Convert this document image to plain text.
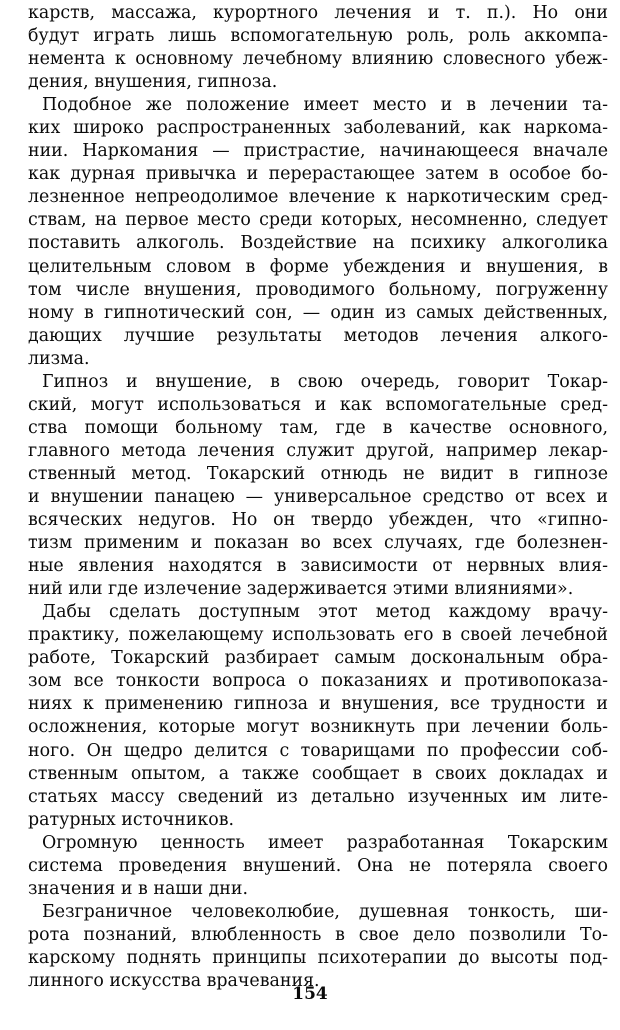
карств, массажа, курортного лечения и т. п.). Но они
будут играть лишь вспомогательную роль, роль аккомпа-
немента к основному лечебному влиянию словесного убеж-
дения, внушения, гипноза.
Подобное же положение имеет место и в лечении та-
ких широко распространенных заболеваний, как наркома-
нии. Наркомания — пристрастие, начинающееся вначале
как дурная привычка и перерастающее затем в особое бо-
лезненное непреодолимое влечение к наркотическим сред-
ствам, на первое место среди которых, несомненно, следует
поставить алкоголь. Воздействие на психику алкоголика
целительным словом в форме убеждения и внушения, в
том числе внушения, проводимого больному, погруженну
ному в гипнотический сон, — один из самых действенных,
дающих лучшие результаты методов лечения алкого-
лизма.
Гипноз и внушение, в свою очередь, говорит Токар-
ский, могут использоваться и как вспомогательные сред-
ства помощи больному там, где в качестве основного,
главного метода лечения служит другой, например лекар-
ственный метод. Токарский отнюдь не видит в гипнозе
и внушении панацею — универсальное средство от всех и
всяческих недугов. Но он твердо убежден, что «гипно-
тизм применим и показан во всех случаях, где болезнен-
ные явления находятся в зависимости от нервных влия-
ний или где излечение задерживается этими влияниями».
Дабы сделать доступным этот метод каждому врачу-
практику, пожелающему использовать его в своей лечебной
работе, Токарский разбирает самым досконaльным обра-
зом все тонкости вопроса о показаниях и противопоказа-
ниях к применению гипноза и внушения, все трудности и
осложнения, которые могут возникнуть при лечении боль-
ного. Он щедро делится с товарищами по профессии соб-
ственным опытом, а также сообщает в своих докладах и
статьях массу сведений из детально изученных им лите-
ратурных источников.
Огромную ценность имеет разработанная Токарским
система проведения внушений. Она не потеряла своего
значения и в наши дни.
Безграничное человеколюбие, душевная тонкость, ши-
рота познаний, влюбленность в свое дело позволили То-
карскому поднять принципы психотерапии до высоты под-
линного искусства врачевания.
154
